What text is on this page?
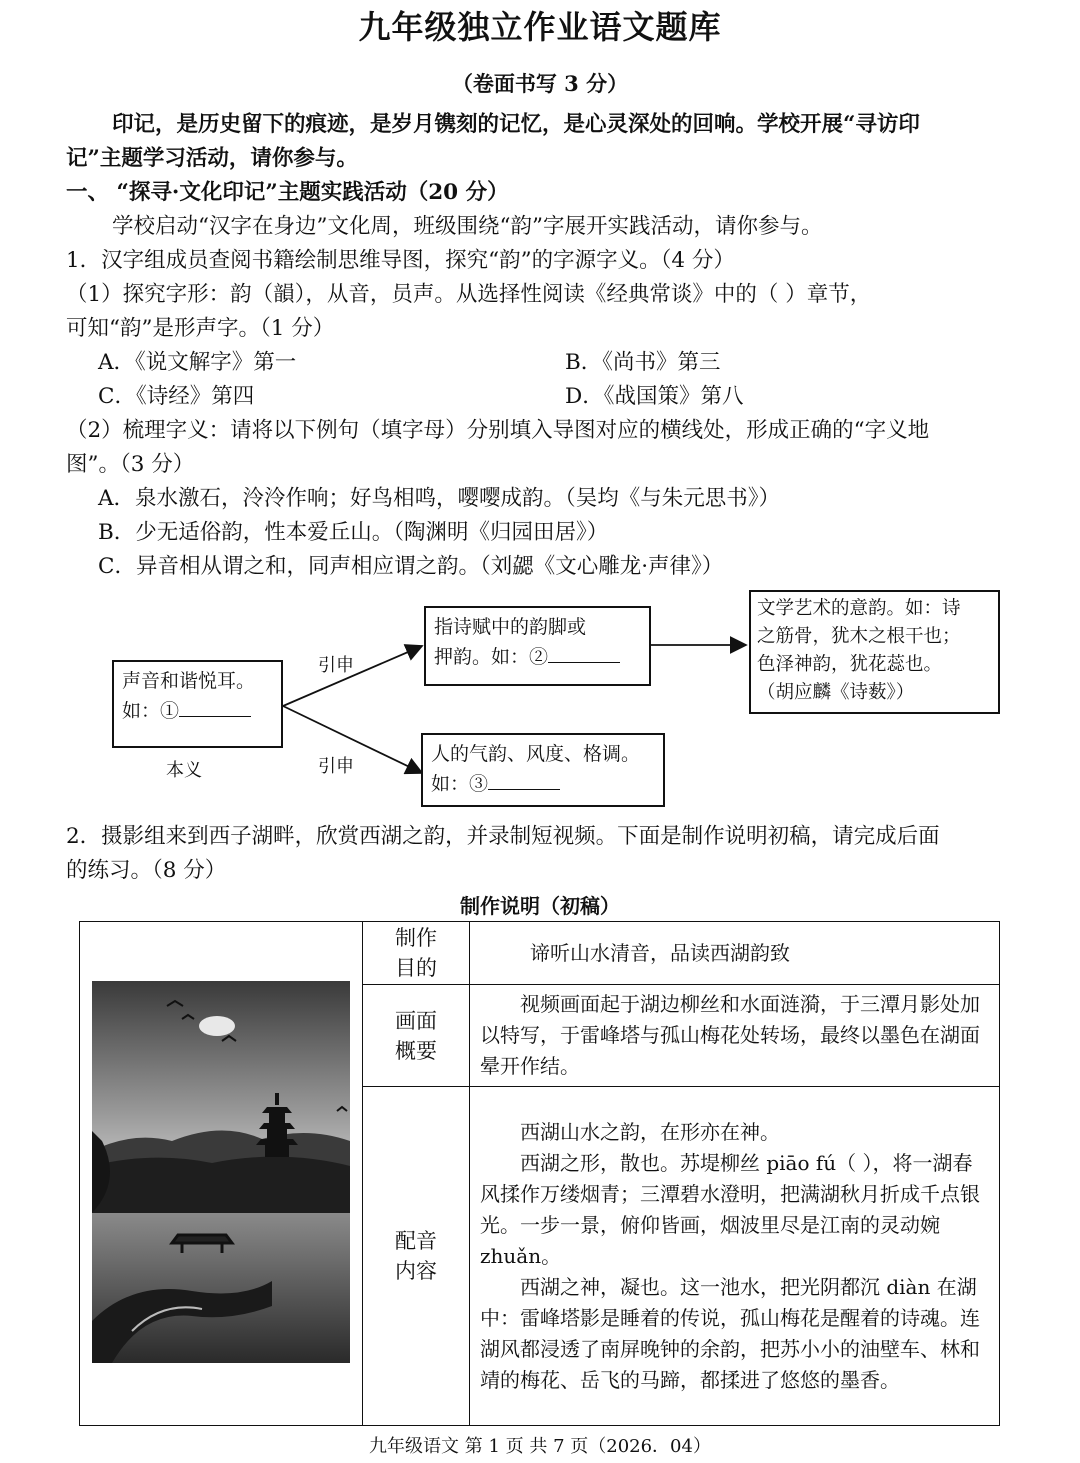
九年级独立作业语文题库
（卷面书写 3 分）
印记，是历史留下的痕迹，是岁月镌刻的记忆，是心灵深处的回响。学校开展“寻访印
记”主题学习活动，请你参与。
一、 “探寻·文化印记”主题实践活动（20 分）
学校启动“汉字在身边”文化周，班级围绕“韵”字展开实践活动，请你参与。
1．汉字组成员查阅书籍绘制思维导图，探究“韵”的字源字义。（4 分）
（1）探究字形：韵（韻），从音，员声。从选择性阅读《经典常谈》中的（ ）章节，
可知“韵”是形声字。（1 分）
A．《说文解字》第一	B．《尚书》第三
C．《诗经》第四	D．《战国策》第八
（2）梳理字义：请将以下例句（填字母）分别填入导图对应的横线处，形成正确的“字义地
图”。（3 分）
A．泉水激石，泠泠作响；好鸟相鸣，嘤嘤成韵。（吴均《与朱元思书》）
B．少无适俗韵，性本爱丘山。（陶渊明《归园田居》）
C．异音相从谓之和，同声相应谓之韵。（刘勰《文心雕龙·声律》）
声音和谐悦耳。
如：①
本义
引申
引申
指诗赋中的韵脚或
押韵。如：②
人的气韵、风度、格调。
如：③
文学艺术的意韵。如：诗
之筋骨，犹木之根干也；
色泽神韵，犹花蕊也。
（胡应麟《诗薮》）
2．摄影组来到西子湖畔，欣赏西湖之韵，并录制短视频。下面是制作说明初稿，请完成后面
的练习。（8 分）
制作说明（初稿）

制作目的	谛听山水清音，品读西湖韵致

	画面概要	视频画面起于湖边柳丝和水面涟漪，于三潭月影处加以特写，于雷峰塔与孤山梅花处转场，最终以墨色在湖面晕开作结。

	配音内容	西湖山水之韵，在形亦在神。

西湖之形，散也。苏堤柳丝 piāo fú（ ），将一湖春风揉作万缕烟青；三潭碧水澄明，把满湖秋月折成千点银光。一步一景，俯仰皆画，烟波里尽是江南的灵动婉 zhuǎn。

西湖之神，凝也。这一池水，把光阴都沉 diàn 在湖中：雷峰塔影是睡着的传说，孤山梅花是醒着的诗魂。连湖风都浸透了南屏晚钟的余韵，把苏小小的油壁车、林和靖的梅花、岳飞的马蹄，都揉进了悠悠的墨香。

九年级语文 第 1 页 共 7 页（2026．04）
